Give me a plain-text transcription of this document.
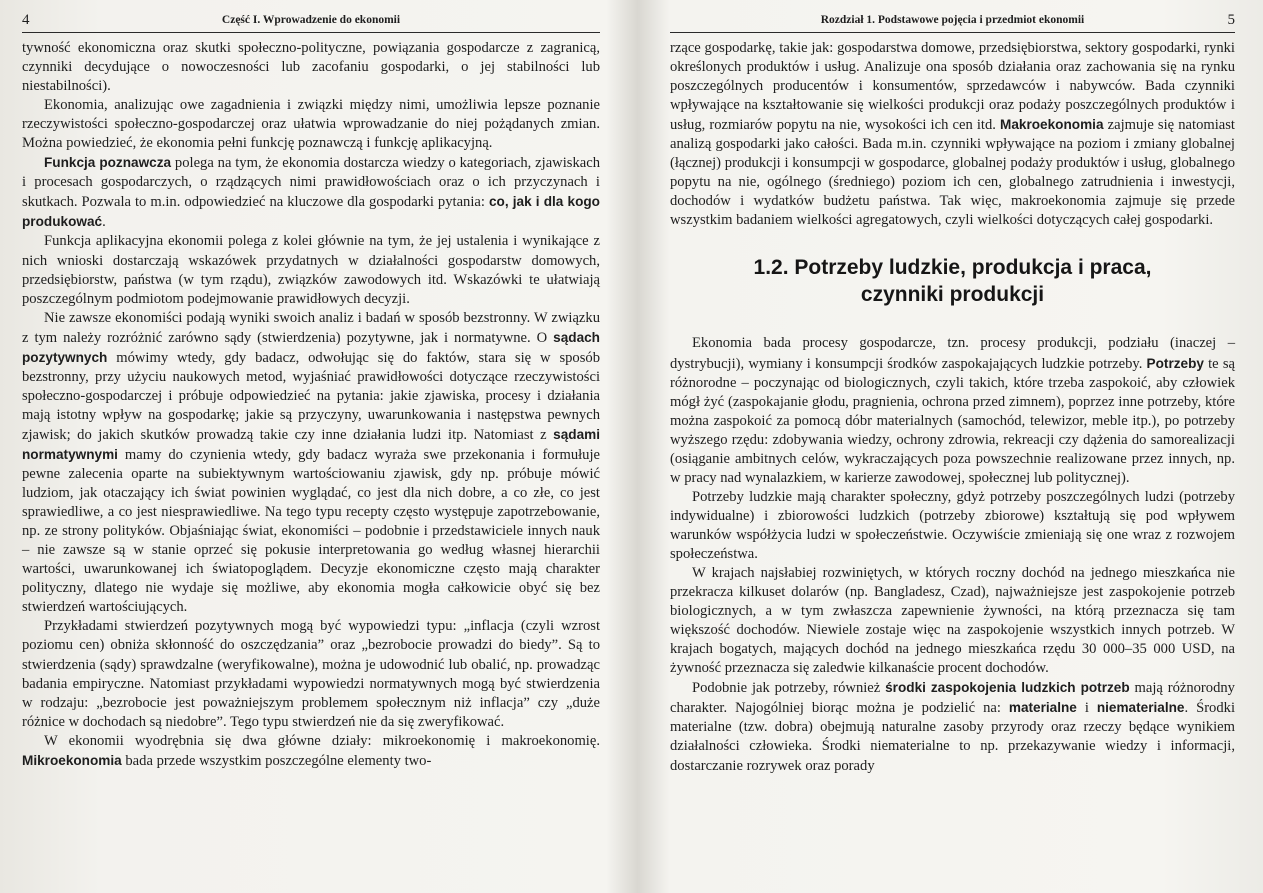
4	Część I. Wprowadzenie do ekonomii

tywność ekonomiczna oraz skutki społeczno-polityczne, powiązania gospodarcze z zagranicą, czynniki decydujące o nowoczesności lub zacofaniu gospodarki, o jej stabilności lub niestabilności).

Ekonomia, analizując owe zagadnienia i związki między nimi, umożliwia lepsze poznanie rzeczywistości społeczno-gospodarczej oraz ułatwia wprowadzanie do niej pożądanych zmian. Można powiedzieć, że ekonomia pełni funkcję poznawczą i funkcję aplikacyjną.

Funkcja poznawcza polega na tym, że ekonomia dostarcza wiedzy o kategoriach, zjawiskach i procesach gospodarczych, o rządzących nimi prawidłowościach oraz o ich przyczynach i skutkach. Pozwala to m.in. odpowiedzieć na kluczowe dla gospodarki pytania: co, jak i dla kogo produkować.

Funkcja aplikacyjna ekonomii polega z kolei głównie na tym, że jej ustalenia i wynikające z nich wnioski dostarczają wskazówek przydatnych w działalności gospodarstw domowych, przedsiębiorstw, państwa (w tym rządu), związków zawodowych itd. Wskazówki te ułatwiają poszczególnym podmiotom podejmowanie prawidłowych decyzji.

Nie zawsze ekonomiści podają wyniki swoich analiz i badań w sposób bezstronny. W związku z tym należy rozróżnić zarówno sądy (stwierdzenia) pozytywne, jak i normatywne. O sądach pozytywnych mówimy wtedy, gdy badacz, odwołując się do faktów, stara się w sposób bezstronny, przy użyciu naukowych metod, wyjaśniać prawidłowości dotyczące rzeczywistości społeczno-gospodarczej i próbuje odpowiedzieć na pytania: jakie zjawiska, procesy i działania mają istotny wpływ na gospodarkę; jakie są przyczyny, uwarunkowania i następstwa pewnych zjawisk; do jakich skutków prowadzą takie czy inne działania ludzi itp. Natomiast z sądami normatywnymi mamy do czynienia wtedy, gdy badacz wyraża swe przekonania i formułuje pewne zalecenia oparte na subiektywnym wartościowaniu zjawisk, gdy np. próbuje mówić ludziom, jak otaczający ich świat powinien wyglądać, co jest dla nich dobre, a co złe, co jest sprawiedliwe, a co jest niesprawiedliwe. Na tego typu recepty często występuje zapotrzebowanie, np. ze strony polityków. Objaśniając świat, ekonomiści – podobnie i przedstawiciele innych nauk – nie zawsze są w stanie oprzeć się pokusie interpretowania go według własnej hierarchii wartości, uwarunkowanej ich światopoglądem. Decyzje ekonomiczne często mają charakter polityczny, dlatego nie wydaje się możliwe, aby ekonomia mogła całkowicie obyć się bez stwierdzeń wartościujących.

Przykładami stwierdzeń pozytywnych mogą być wypowiedzi typu: „inflacja (czyli wzrost poziomu cen) obniża skłonność do oszczędzania” oraz „bezrobocie prowadzi do biedy”. Są to stwierdzenia (sądy) sprawdzalne (weryfikowalne), można je udowodnić lub obalić, np. prowadząc badania empiryczne. Natomiast przykładami wypowiedzi normatywnych mogą być stwierdzenia w rodzaju: „bezrobocie jest poważniejszym problemem społecznym niż inflacja” czy „duże różnice w dochodach są niedobre”. Tego typu stwierdzeń nie da się zweryfikować.

W ekonomii wyodrębnia się dwa główne działy: mikroekonomię i makroekonomię. Mikroekonomia bada przede wszystkim poszczególne elementy two-

Rozdział 1. Podstawowe pojęcia i przedmiot ekonomii	5

rzące gospodarkę, takie jak: gospodarstwa domowe, przedsiębiorstwa, sektory gospodarki, rynki określonych produktów i usług. Analizuje ona sposób działania oraz zachowania się na rynku poszczególnych producentów i konsumentów, sprzedawców i nabywców. Bada czynniki wpływające na kształtowanie się wielkości produkcji oraz podaży poszczególnych produktów i usług, rozmiarów popytu na nie, wysokości ich cen itd. Makroekonomia zajmuje się natomiast analizą gospodarki jako całości. Bada m.in. czynniki wpływające na poziom i zmiany globalnej (łącznej) produkcji i konsumpcji w gospodarce, globalnej podaży produktów i usług, globalnego popytu na nie, ogólnego (średniego) poziom ich cen, globalnego zatrudnienia i inwestycji, dochodów i wydatków budżetu państwa. Tak więc, makroekonomia zajmuje się przede wszystkim badaniem wielkości agregatowych, czyli wielkości dotyczących całej gospodarki.

1.2. Potrzeby ludzkie, produkcja i praca,
czynniki produkcji

Ekonomia bada procesy gospodarcze, tzn. procesy produkcji, podziału (inaczej – dystrybucji), wymiany i konsumpcji środków zaspokajających ludzkie potrzeby. Potrzeby te są różnorodne – poczynając od biologicznych, czyli takich, które trzeba zaspokoić, aby człowiek mógł żyć (zaspokajanie głodu, pragnienia, ochrona przed zimnem), poprzez inne potrzeby, które można zaspokoić za pomocą dóbr materialnych (samochód, telewizor, meble itp.), po potrzeby wyższego rzędu: zdobywania wiedzy, ochrony zdrowia, rekreacji czy dążenia do samorealizacji (osiąganie ambitnych celów, wykraczających poza powszechnie realizowane przez innych, np. w pracy nad wynalazkiem, w karierze zawodowej, społecznej lub politycznej).

Potrzeby ludzkie mają charakter społeczny, gdyż potrzeby poszczególnych ludzi (potrzeby indywidualne) i zbiorowości ludzkich (potrzeby zbiorowe) kształtują się pod wpływem warunków współżycia ludzi w społeczeństwie. Oczywiście zmieniają się one wraz z rozwojem społeczeństwa.

W krajach najsłabiej rozwiniętych, w których roczny dochód na jednego mieszkańca nie przekracza kilkuset dolarów (np. Bangladesz, Czad), najważniejsze jest zaspokojenie potrzeb biologicznych, a w tym zwłaszcza zapewnienie żywności, na którą przeznacza się tam większość dochodów. Niewiele zostaje więc na zaspokojenie wszystkich innych potrzeb. W krajach bogatych, mających dochód na jednego mieszkańca rzędu 30 000–35 000 USD, na żywność przeznacza się zaledwie kilkanaście procent dochodów.

Podobnie jak potrzeby, również środki zaspokojenia ludzkich potrzeb mają różnorodny charakter. Najogólniej biorąc można je podzielić na: materialne i niematerialne. Środki materialne (tzw. dobra) obejmują naturalne zasoby przyrody oraz rzeczy będące wynikiem działalności człowieka. Środki niematerialne to np. przekazywanie wiedzy i informacji, dostarczanie rozrywek oraz porady
